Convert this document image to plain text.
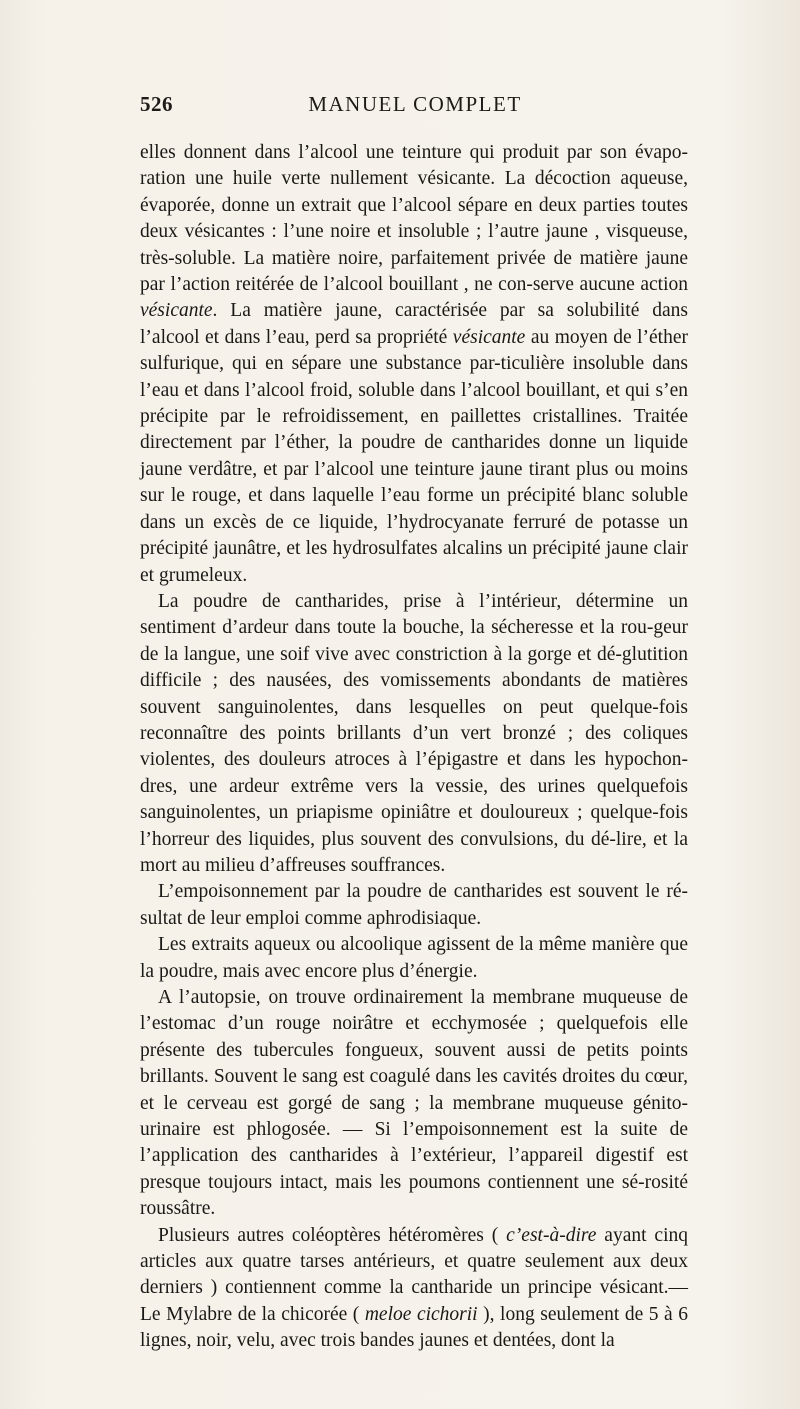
526	MANUEL COMPLET

elles donnent dans l’alcool une teinture qui produit par son évapo-ration une huile verte nullement vésicante. La décoction aqueuse, évaporée, donne un extrait que l’alcool sépare en deux parties toutes deux vésicantes : l’une noire et insoluble ; l’autre jaune , visqueuse, très-soluble. La matière noire, parfaitement privée de matière jaune par l’action reitérée de l’alcool bouillant , ne con-serve aucune action vésicante. La matière jaune, caractérisée par sa solubilité dans l’alcool et dans l’eau, perd sa propriété vésicante au moyen de l’éther sulfurique, qui en sépare une substance par-ticulière insoluble dans l’eau et dans l’alcool froid, soluble dans l’alcool bouillant, et qui s’en précipite par le refroidissement, en paillettes cristallines. Traitée directement par l’éther, la poudre de cantharides donne un liquide jaune verdâtre, et par l’alcool une teinture jaune tirant plus ou moins sur le rouge, et dans laquelle l’eau forme un précipité blanc soluble dans un excès de ce liquide, l’hydrocyanate ferruré de potasse un précipité jaunâtre, et les hydrosulfates alcalins un précipité jaune clair et grumeleux.

La poudre de cantharides, prise à l’intérieur, détermine un sentiment d’ardeur dans toute la bouche, la sécheresse et la rou-geur de la langue, une soif vive avec constriction à la gorge et dé-glutition difficile ; des nausées, des vomissements abondants de matières souvent sanguinolentes, dans lesquelles on peut quelque-fois reconnaître des points brillants d’un vert bronzé ; des coliques violentes, des douleurs atroces à l’épigastre et dans les hypochon-dres, une ardeur extrême vers la vessie, des urines quelquefois sanguinolentes, un priapisme opiniâtre et douloureux ; quelque-fois l’horreur des liquides, plus souvent des convulsions, du dé-lire, et la mort au milieu d’affreuses souffrances.

L’empoisonnement par la poudre de cantharides est souvent le ré-sultat de leur emploi comme aphrodisiaque.

Les extraits aqueux ou alcoolique agissent de la même manière que la poudre, mais avec encore plus d’énergie.

A l’autopsie, on trouve ordinairement la membrane muqueuse de l’estomac d’un rouge noirâtre et ecchymosée ; quelquefois elle présente des tubercules fongueux, souvent aussi de petits points brillants. Souvent le sang est coagulé dans les cavités droites du cœur, et le cerveau est gorgé de sang ; la membrane muqueuse génito-urinaire est phlogosée. — Si l’empoisonnement est la suite de l’application des cantharides à l’extérieur, l’appareil digestif est presque toujours intact, mais les poumons contiennent une sé-rosité roussâtre.

Plusieurs autres coléoptères hétéromères ( c’est-à-dire ayant cinq articles aux quatre tarses antérieurs, et quatre seulement aux deux derniers ) contiennent comme la cantharide un principe vésicant.— Le Mylabre de la chicorée ( meloe cichorii ), long seulement de 5 à 6 lignes, noir, velu, avec trois bandes jaunes et dentées, dont la
